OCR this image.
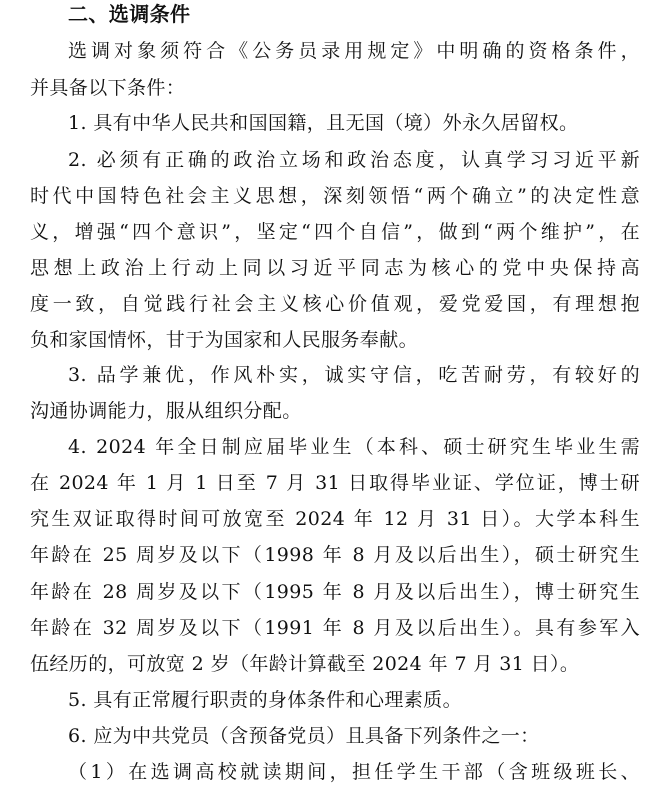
二、选调条件
选调对象须符合《公务员录用规定》中明确的资格条件，
并具备以下条件：
1. 具有中华人民共和国国籍，且无国（境）外永久居留权。
2. 必须有正确的政治立场和政治态度，认真学习习近平新
时代中国特色社会主义思想，深刻领悟“两个确立”的决定性意
义，增强“四个意识”，坚定“四个自信”，做到“两个维护”，在
思想上政治上行动上同以习近平同志为核心的党中央保持高
度一致，自觉践行社会主义核心价值观，爱党爱国，有理想抱
负和家国情怀，甘于为国家和人民服务奉献。
3. 品学兼优，作风朴实，诚实守信，吃苦耐劳，有较好的
沟通协调能力，服从组织分配。
4. 2024 年全日制应届毕业生（本科、硕士研究生毕业生需
在 2024 年 1 月 1 日至 7 月 31 日取得毕业证、学位证，博士研
究生双证取得时间可放宽至 2024 年 12 月 31 日）。大学本科生
年龄在 25 周岁及以下（1998 年 8 月及以后出生），硕士研究生
年龄在 28 周岁及以下（1995 年 8 月及以后出生），博士研究生
年龄在 32 周岁及以下（1991 年 8 月及以后出生）。具有参军入
伍经历的，可放宽 2 岁（年龄计算截至 2024 年 7 月 31 日）。
5. 具有正常履行职责的身体条件和心理素质。
6. 应为中共党员（含预备党员）且具备下列条件之一：
（1）在选调高校就读期间，担任学生干部（含班级班长、
